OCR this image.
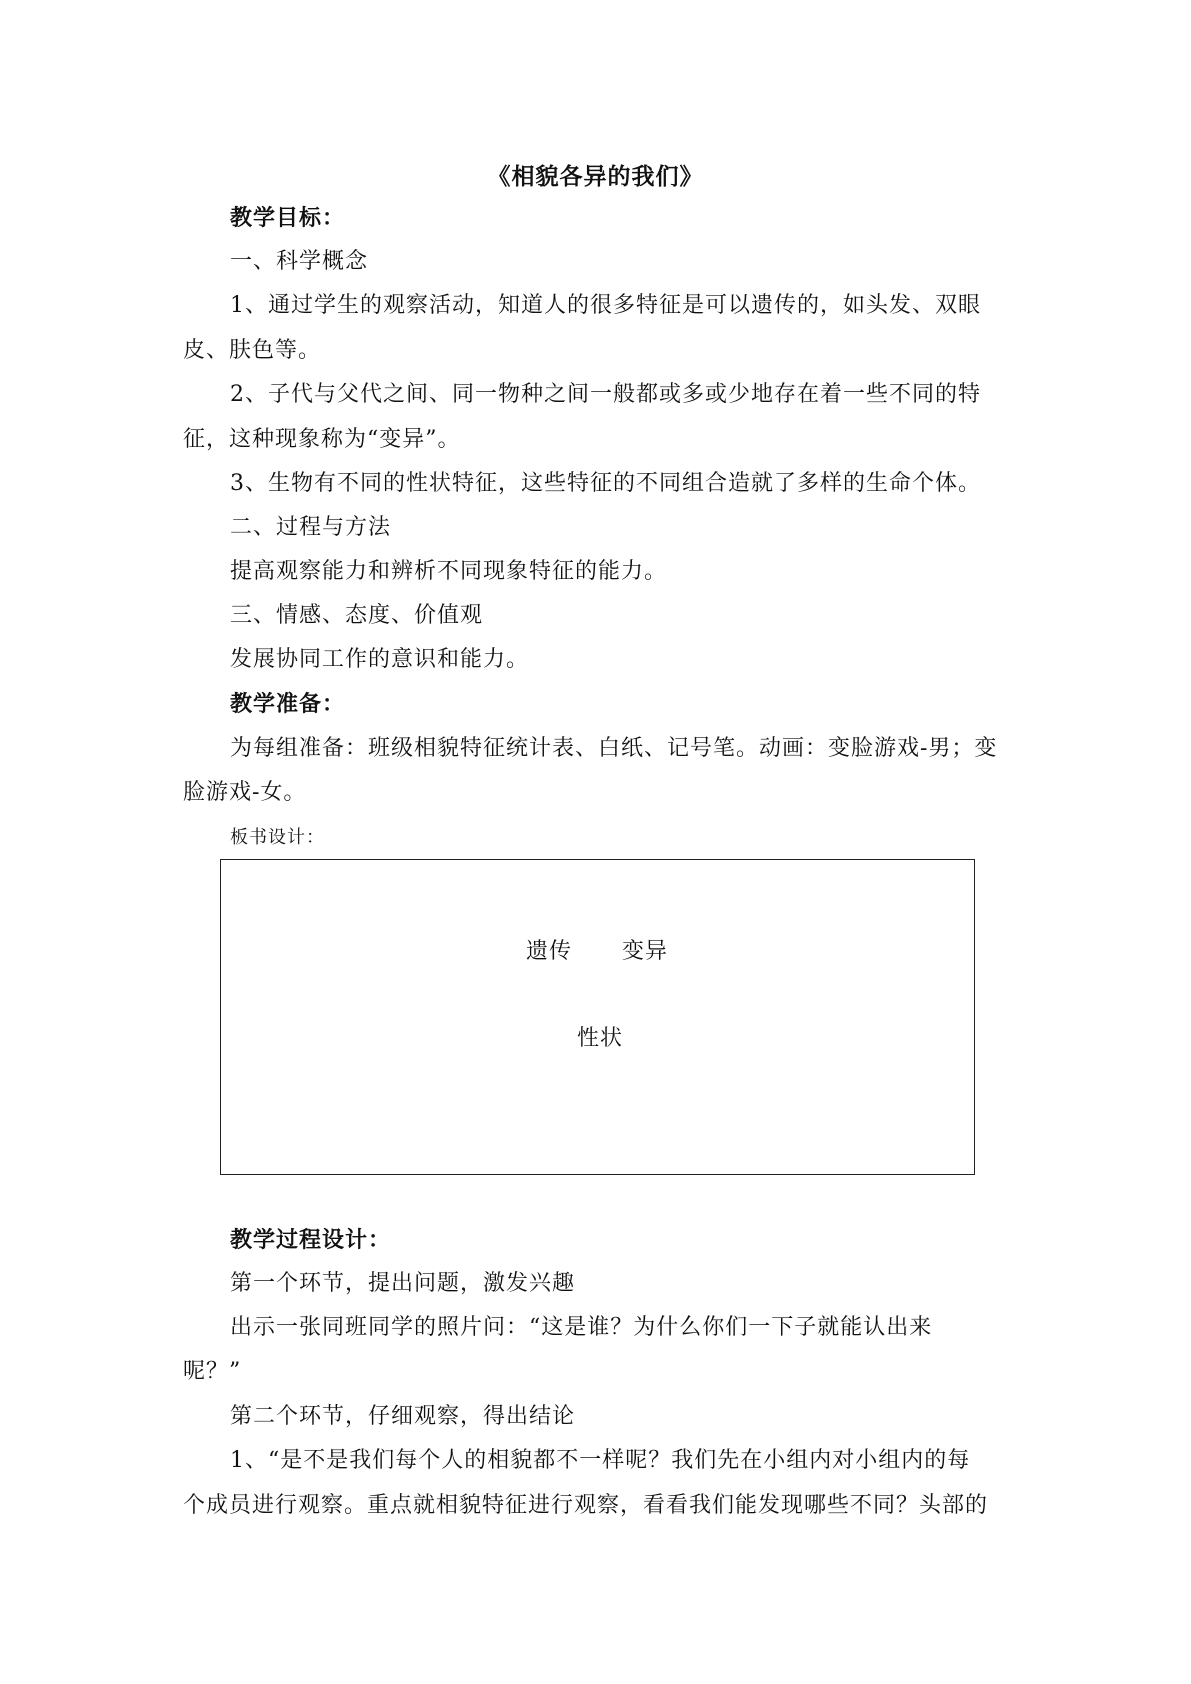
《相貌各异的我们》
教学目标：
一、科学概念
1、通过学生的观察活动，知道人的很多特征是可以遗传的，如头发、双眼
皮、肤色等。
2、子代与父代之间、同一物种之间一般都或多或少地存在着一些不同的特
征，这种现象称为“变异”。
3、生物有不同的性状特征，这些特征的不同组合造就了多样的生命个体。
二、过程与方法
提高观察能力和辨析不同现象特征的能力。
三、情感、态度、价值观
发展协同工作的意识和能力。
教学准备：
为每组准备：班级相貌特征统计表、白纸、记号笔。动画：变脸游戏-男；变
脸游戏-女。
板书设计：
遗传 变异
性状
教学过程设计：
第一个环节，提出问题，激发兴趣
出示一张同班同学的照片问：“这是谁？为什么你们一下子就能认出来
呢？”
第二个环节，仔细观察，得出结论
1、“是不是我们每个人的相貌都不一样呢？我们先在小组内对小组内的每
个成员进行观察。重点就相貌特征进行观察，看看我们能发现哪些不同？头部的
